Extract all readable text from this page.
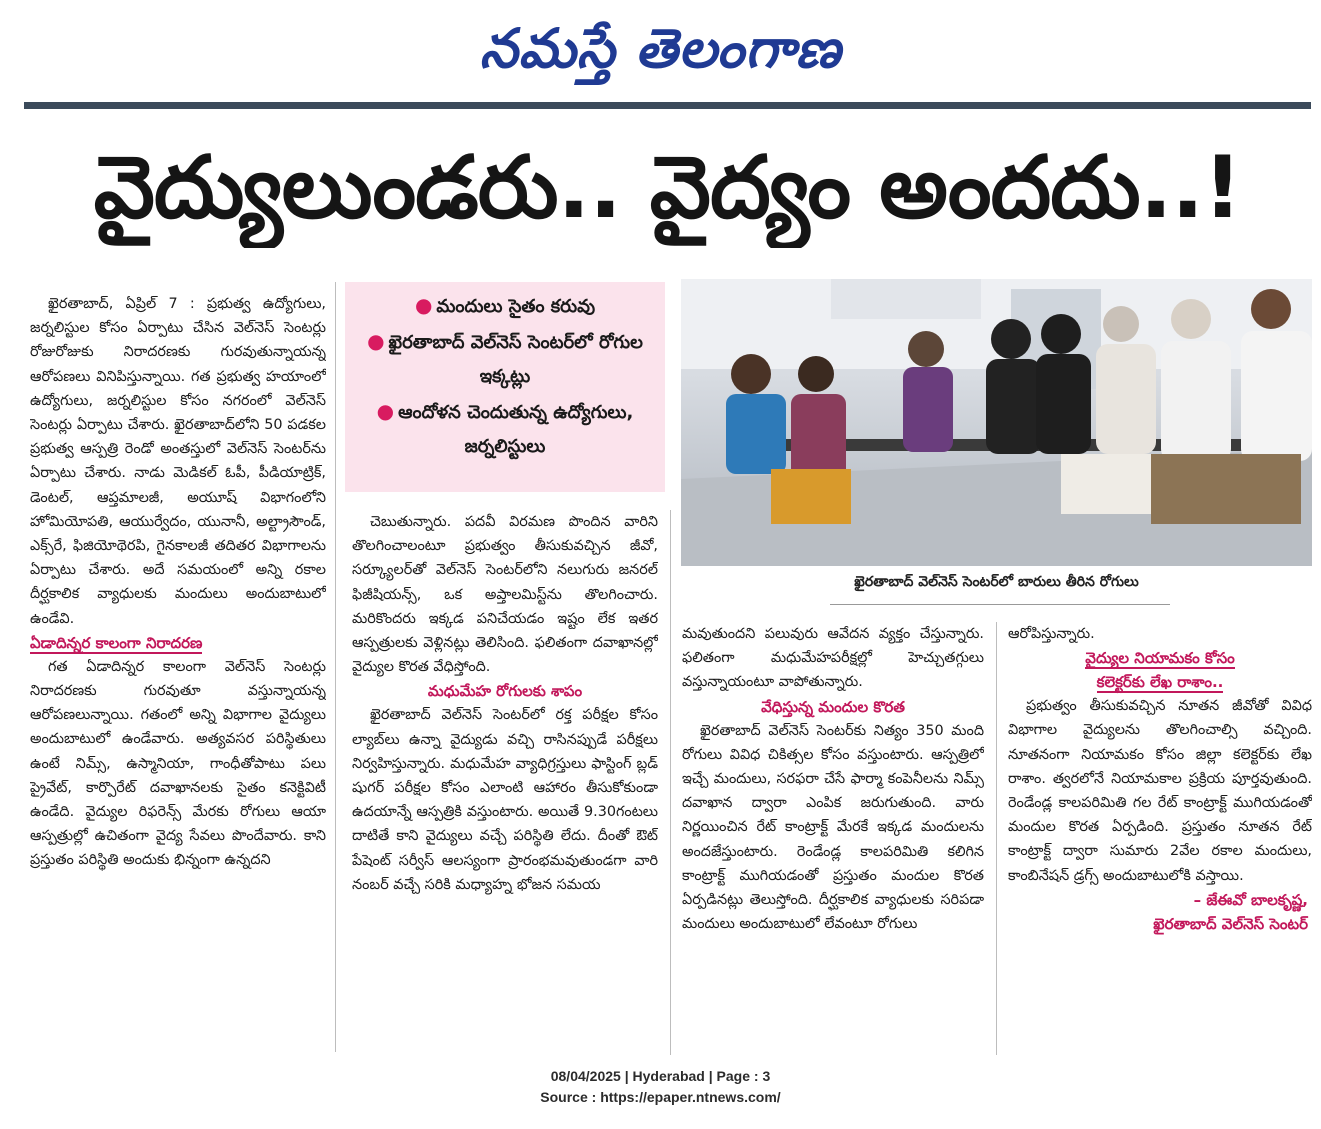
నమస్తే తెలంగాణ
వైద్యులుండరు.. వైద్యం అందదు..!

ఖైరతాబాద్, ఏప్రిల్ 7 : ప్రభుత్వ ఉద్యోగులు, జర్నలిస్టుల కోసం ఏర్పాటు చేసిన వెల్‌నెస్ సెంటర్లు రోజురోజుకు నిరాదరణకు గురవుతున్నాయన్న ఆరోపణలు వినిపిస్తున్నాయి. గత ప్రభుత్వ హయాంలో ఉద్యోగులు, జర్నలిస్టుల కోసం నగరంలో వెల్‌నెస్ సెంటర్లు ఏర్పాటు చేశారు. ఖైరతాబాద్‌లోని 50 పడకల ప్రభుత్వ ఆస్పత్రి రెండో అంతస్తులో వెల్‌నెస్ సెంటర్‌ను ఏర్పాటు చేశారు. నాడు మెడికల్ ఓపీ, పీడియాట్రిక్, డెంటల్, ఆప్తమాలజీ, అయూష్ విభాగంలోని హోమియోపతి, ఆయుర్వేదం, యునానీ, అల్ట్రాసౌండ్, ఎక్స్‌రే, ఫిజియోథెరపి, గైనకాలజీ తదితర విభాగాలను ఏర్పాటు చేశారు. అదే సమయంలో అన్ని రకాల దీర్ఘకాలిక వ్యాధులకు మందులు అందుబాటులో ఉండేవి.

ఏడాదిన్నర కాలంగా నిరాదరణ

గత ఏడాదిన్నర కాలంగా వెల్‌నెస్ సెంటర్లు నిరాదరణకు గురవుతూ వస్తున్నాయన్న ఆరోపణలున్నాయి. గతంలో అన్ని విభాగాల వైద్యులు అందుబాటులో ఉండేవారు. అత్యవసర పరిస్థితులు ఉంటే నిమ్స్, ఉస్మానియా, గాంధీతోపాటు పలు ప్రైవేట్, కార్పొరేట్ దవాఖానలకు సైతం కనెక్టివిటీ ఉండేది. వైద్యుల రిఫరెన్స్ మేరకు రోగులు ఆయా ఆస్పత్రుల్లో ఉచితంగా వైద్య సేవలు పొందేవారు. కాని ప్రస్తుతం పరిస్థితి అందుకు భిన్నంగా ఉన్నదని

● మందులు సైతం కరువు
● ఖైరతాబాద్ వెల్‌నెస్ సెంటర్‌లో రోగుల ఇక్కట్లు
● ఆందోళన చెందుతున్న ఉద్యోగులు, జర్నలిస్టులు

చెబుతున్నారు. పదవీ విరమణ పొందిన వారిని తొలగించాలంటూ ప్రభుత్వం తీసుకువచ్చిన జీవో, సర్క్యూలర్‌తో వెల్‌నెస్ సెంటర్‌లోని నలుగురు జనరల్ ఫిజీషియన్స్, ఒక అప్తాలమిస్ట్‌ను తొలగించారు. మరికొందరు ఇక్కడ పనిచేయడం ఇష్టం లేక ఇతర ఆస్పత్రులకు వెళ్లినట్లు తెలిసింది. ఫలితంగా దవాఖానల్లో వైద్యుల కొరత వేధిస్తోంది.

మధుమేహ రోగులకు శాపం

ఖైరతాబాద్ వెల్‌నెస్ సెంటర్‌లో రక్త పరీక్షల కోసం ల్యాబ్‌లు ఉన్నా వైద్యుడు వచ్చి రాసినప్పుడే పరీక్షలు నిర్వహిస్తున్నారు. మధుమేహ వ్యాధిగ్రస్తులు ఫాస్టింగ్ బ్లడ్ షుగర్ పరీక్షల కోసం ఎలాంటి ఆహారం తీసుకోకుండా ఉదయాన్నే ఆస్పత్రికి వస్తుంటారు. అయితే 9.30గంటలు దాటితే కాని వైద్యులు వచ్చే పరిస్థితి లేదు. దీంతో ఔట్ పేషెంట్ సర్వీస్ ఆలస్యంగా ప్రారంభమవుతుండగా వారి నంబర్ వచ్చే సరికి మధ్యాహ్న భోజన సమయ

ఖైరతాబాద్ వెల్‌నెస్ సెంటర్‌లో బారులు తీరిన రోగులు

మవుతుందని పలువురు ఆవేదన వ్యక్తం చేస్తున్నారు. ఫలితంగా మధుమేహపరీక్షల్లో హెచ్చుతగ్గులు వస్తున్నాయంటూ వాపోతున్నారు.

వేధిస్తున్న మందుల కొరత

ఖైరతాబాద్ వెల్‌నెస్ సెంటర్‌కు నిత్యం 350 మంది రోగులు వివిధ చికిత్సల కోసం వస్తుంటారు. ఆస్పత్రిలో ఇచ్చే మందులు, సరఫరా చేసే ఫార్మా కంపెనీలను నిమ్స్ దవాఖాన ద్వారా ఎంపిక జరుగుతుంది. వారు నిర్ణయించిన రేట్ కాంట్రాక్ట్ మేరకే ఇక్కడ మందులను అందజేస్తుంటారు. రెండేండ్ల కాలపరిమితి కలిగిన కాంట్రాక్ట్ ముగియడంతో ప్రస్తుతం మందుల కొరత ఏర్పడినట్లు తెలుస్తోంది. దీర్ఘకాలిక వ్యాధులకు సరిపడా మందులు అందుబాటులో లేవంటూ రోగులు

ఆరోపిస్తున్నారు.

వైద్యుల నియామకం కోసం
కలెక్టర్‌కు లేఖ రాశాం..

ప్రభుత్వం తీసుకువచ్చిన నూతన జీవోతో వివిధ విభాగాల వైద్యులను తొలగించాల్సి వచ్చింది. నూతనంగా నియామకం కోసం జిల్లా కలెక్టర్‌కు లేఖ రాశాం. త్వరలోనే నియామకాల ప్రక్రియ పూర్తవుతుంది. రెండేండ్ల కాలపరిమితి గల రేట్ కాంట్రాక్ట్ ముగియడంతో మందుల కొరత ఏర్పడింది. ప్రస్తుతం నూతన రేట్ కాంట్రాక్ట్ ద్వారా సుమారు 2వేల రకాల మందులు, కాంబినేషన్ డ్రగ్స్ అందుబాటులోకి వస్తాయి.

– జేఈవో బాలకృష్ణ,
ఖైరతాబాద్ వెల్‌నెస్ సెంటర్
08/04/2025 | Hyderabad | Page : 3
Source : https://epaper.ntnews.com/
